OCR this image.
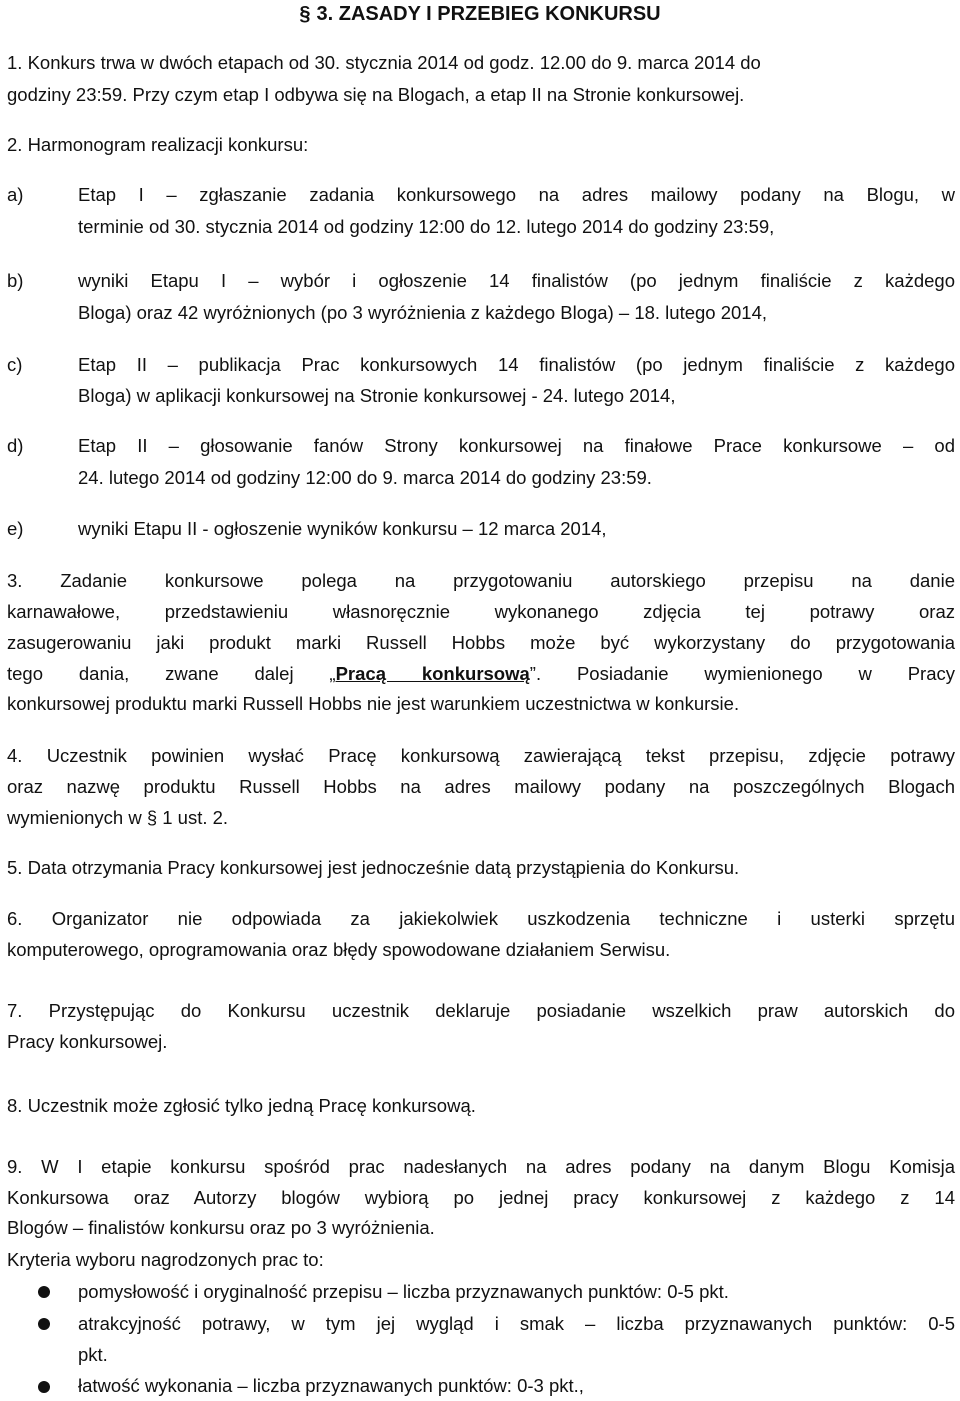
§ 3. ZASADY I PRZEBIEG KONKURSU
1. Konkurs trwa w dwóch etapach od 30. stycznia 2014 od godz. 12.00 do 9. marca 2014 do
godziny 23:59. Przy czym etap I odbywa się na Blogach, a etap II na Stronie konkursowej.
2. Harmonogram realizacji konkursu:
a)	Etap I – zgłaszanie zadania konkursowego na adres mailowy podany na Blogu, w
terminie od 30. stycznia 2014 od godziny 12:00 do 12. lutego 2014 do godziny 23:59,
b)	wyniki Etapu I – wybór i ogłoszenie 14 finalistów (po jednym finaliście z każdego
Bloga) oraz 42 wyróżnionych (po 3 wyróżnienia z każdego Bloga) – 18. lutego 2014,
c)	Etap II – publikacja Prac konkursowych 14 finalistów (po jednym finaliście z każdego
Bloga) w aplikacji konkursowej na Stronie konkursowej - 24. lutego 2014,
d)	Etap II – głosowanie fanów Strony konkursowej na finałowe Prace konkursowe – od
24. lutego 2014 od godziny 12:00 do 9. marca 2014 do godziny 23:59.
e)	wyniki Etapu II - ogłoszenie wyników konkursu – 12 marca 2014,
3. Zadanie konkursowe polega na przygotowaniu autorskiego przepisu na danie
karnawałowe, przedstawieniu własnoręcznie wykonanego zdjęcia tej potrawy oraz
zasugerowaniu jaki produkt marki Russell Hobbs może być wykorzystany do przygotowania
tego dania, zwane dalej „Pracą konkursową”. Posiadanie wymienionego w Pracy
konkursowej produktu marki Russell Hobbs nie jest warunkiem uczestnictwa w konkursie.
4. Uczestnik powinien wysłać Pracę konkursową zawierającą tekst przepisu, zdjęcie potrawy
oraz nazwę produktu Russell Hobbs na adres mailowy podany na poszczególnych Blogach
wymienionych w § 1 ust. 2.
5. Data otrzymania Pracy konkursowej jest jednocześnie datą przystąpienia do Konkursu.
6. Organizator nie odpowiada za jakiekolwiek uszkodzenia techniczne i usterki sprzętu
komputerowego, oprogramowania oraz błędy spowodowane działaniem Serwisu.
7. Przystępując do Konkursu uczestnik deklaruje posiadanie wszelkich praw autorskich do
Pracy konkursowej.
8. Uczestnik może zgłosić tylko jedną Pracę konkursową.
9. W I etapie konkursu spośród prac nadesłanych na adres podany na danym Blogu Komisja
Konkursowa oraz Autorzy blogów wybiorą po jednej pracy konkursowej z każdego z 14
Blogów – finalistów konkursu oraz po 3 wyróżnienia.
Kryteria wyboru nagrodzonych prac to:
pomysłowość i oryginalność przepisu – liczba przyznawanych punktów: 0-5 pkt.
atrakcyjność potrawy, w tym jej wygląd i smak – liczba przyznawanych punktów: 0-5
pkt.
łatwość wykonania – liczba przyznawanych punktów: 0-3 pkt.,
